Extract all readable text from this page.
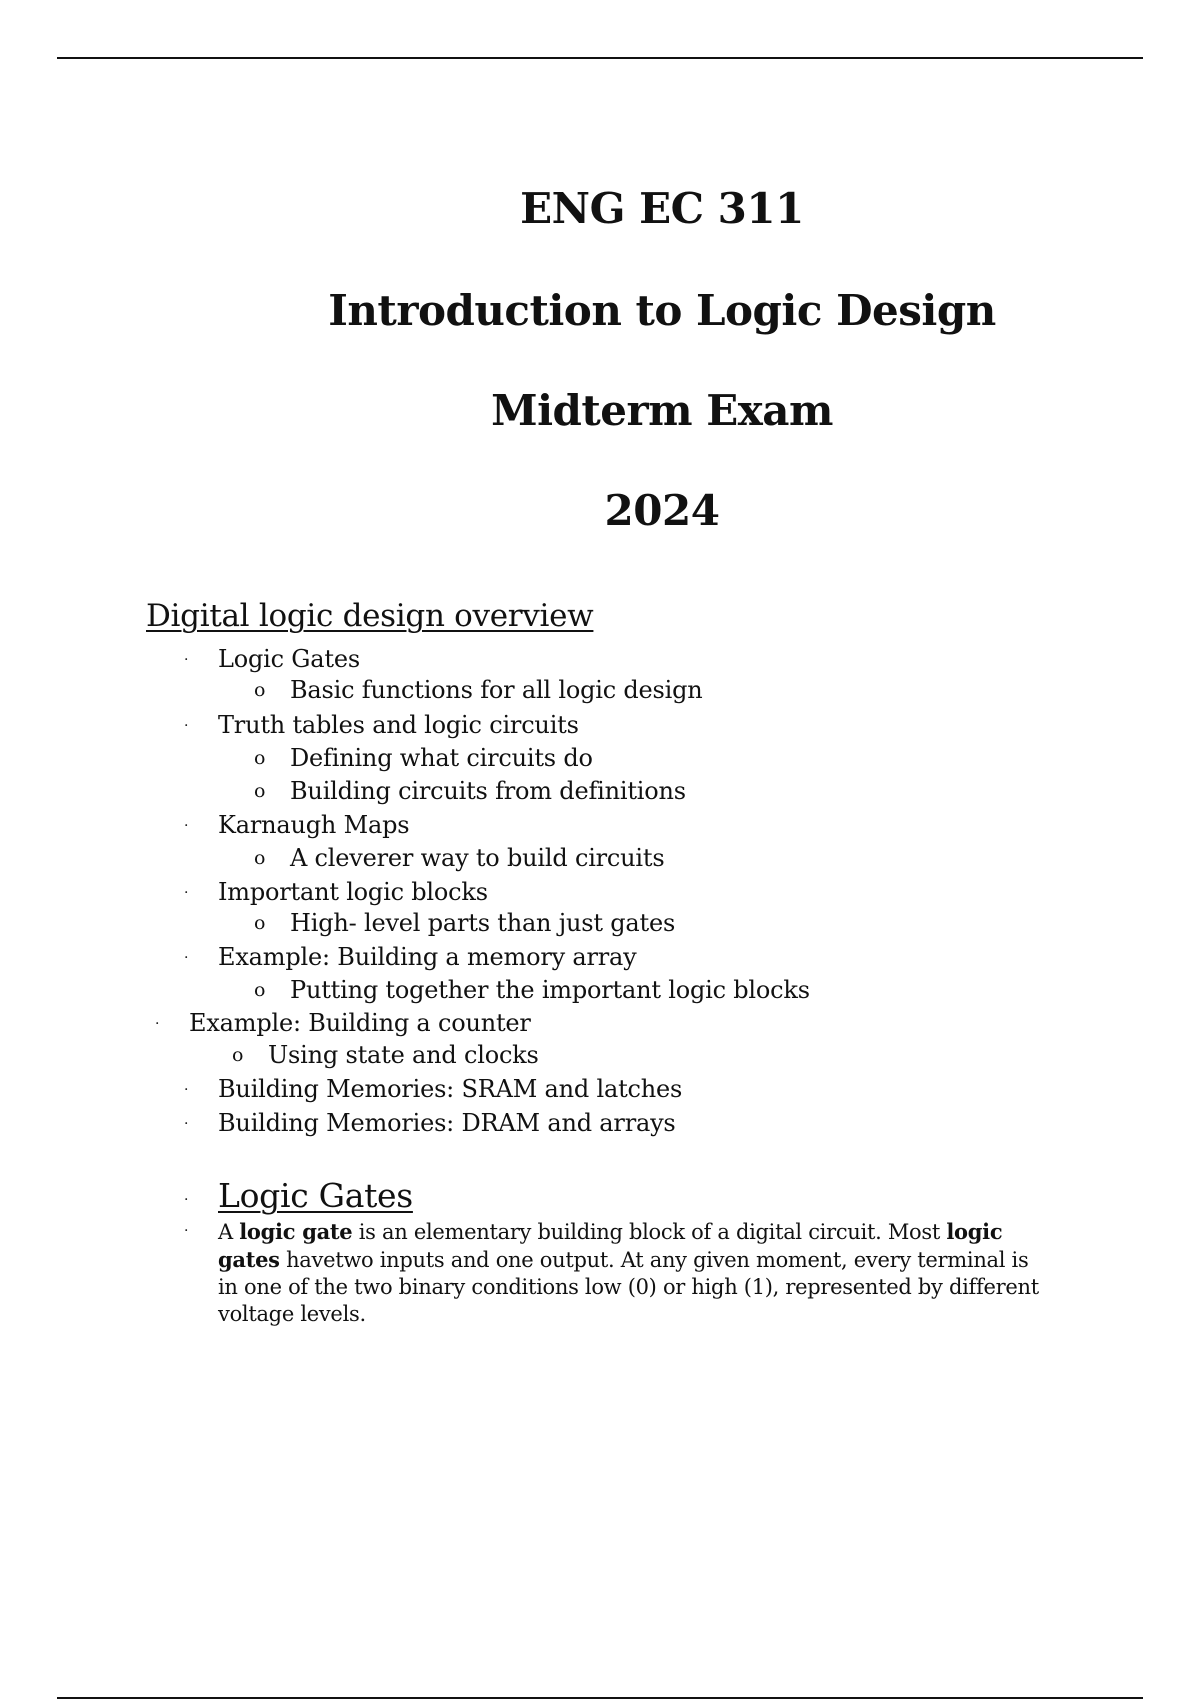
ENG EC 311
Introduction to Logic Design
Midterm Exam
2024
Digital logic design overview
· Logic Gates
o Basic functions for all logic design
· Truth tables and logic circuits
o Defining what circuits do
o Building circuits from definitions
· Karnaugh Maps
o A cleverer way to build circuits
· Important logic blocks
o High- level parts than just gates
· Example: Building a memory array
o Putting together the important logic blocks
· Example: Building a counter
o Using state and clocks
· Building Memories: SRAM and latches
· Building Memories: DRAM and arrays
· Logic Gates
· A logic gate is an elementary building block of a digital circuit. Most logic gates havetwo inputs and one output. At any given moment, every terminal is in one of the two binary conditions low (0) or high (1), represented by different voltage levels.
